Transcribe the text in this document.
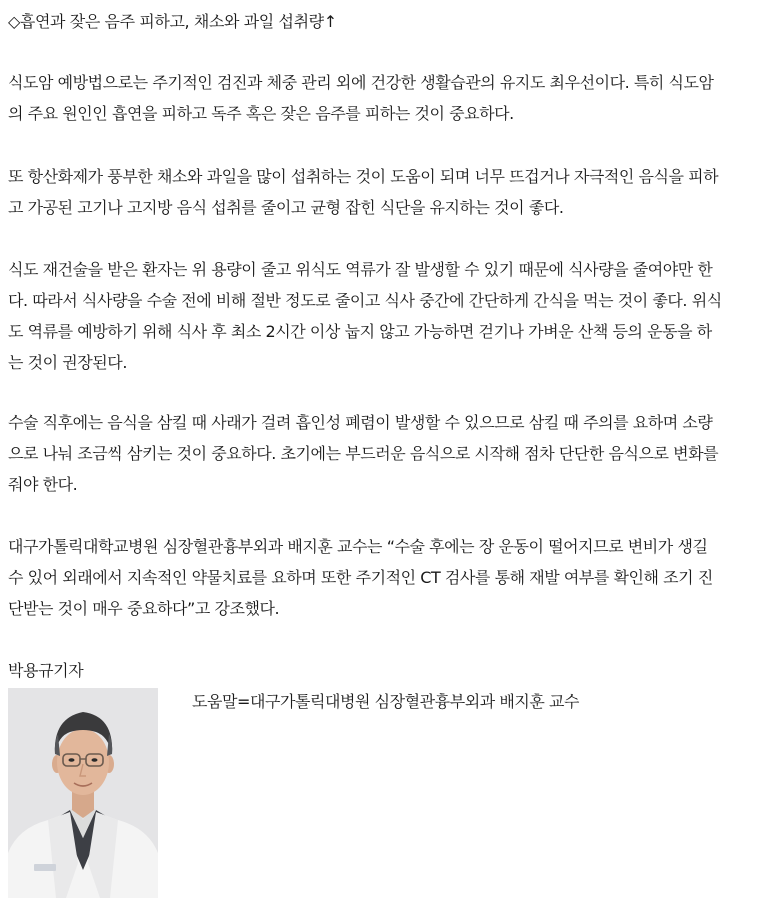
◇흡연과 잦은 음주 피하고, 채소와 과일 섭취량↑

식도암 예방법으로는 주기적인 검진과 체중 관리 외에 건강한 생활습관의 유지도 최우선이다. 특히 식도암
의 주요 원인인 흡연을 피하고 독주 혹은 잦은 음주를 피하는 것이 중요하다.

또 항산화제가 풍부한 채소와 과일을 많이 섭취하는 것이 도움이 되며 너무 뜨겁거나 자극적인 음식을 피하
고 가공된 고기나 고지방 음식 섭취를 줄이고 균형 잡힌 식단을 유지하는 것이 좋다.

식도 재건술을 받은 환자는 위 용량이 줄고 위식도 역류가 잘 발생할 수 있기 때문에 식사량을 줄여야만 한
다. 따라서 식사량을 수술 전에 비해 절반 정도로 줄이고 식사 중간에 간단하게 간식을 먹는 것이 좋다. 위식
도 역류를 예방하기 위해 식사 후 최소 2시간 이상 눕지 않고 가능하면 걷기나 가벼운 산책 등의 운동을 하
는 것이 권장된다.

수술 직후에는 음식을 삼킬 때 사래가 걸려 흡인성 폐렴이 발생할 수 있으므로 삼킬 때 주의를 요하며 소량
으로 나눠 조금씩 삼키는 것이 중요하다. 초기에는 부드러운 음식으로 시작해 점차 단단한 음식으로 변화를
줘야 한다.

대구가톨릭대학교병원 심장혈관흉부외과 배지훈 교수는 “수술 후에는 장 운동이 떨어지므로 변비가 생길
수 있어 외래에서 지속적인 약물치료를 요하며 또한 주기적인 CT 검사를 통해 재발 여부를 확인해 조기 진
단받는 것이 매우 중요하다”고 강조했다.

박용규기자
도움말=대구가톨릭대병원 심장혈관흉부외과 배지훈 교수
